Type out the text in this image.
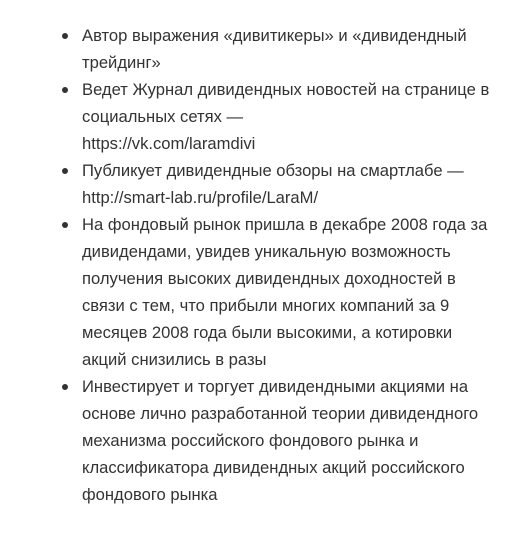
Автор выражения «дивитикеры» и «дивидендный трейдинг»
Ведет Журнал дивидендных новостей на странице в социальных сетях —
https://vk.com/laramdivi
Публикует дивидендные обзоры на смартлабе — http://smart-lab.ru/profile/LaraM/
На фондовый рынок пришла в декабре 2008 года за дивидендами, увидев уникальную возможность получения высоких дивидендных доходностей в связи с тем, что прибыли многих компаний за 9 месяцев 2008 года были высокими, а котировки акций снизились в разы
Инвестирует и торгует дивидендными акциями на основе лично разработанной теории дивидендного механизма российского фондового рынка и классификатора дивидендных акций российского фондового рынка
